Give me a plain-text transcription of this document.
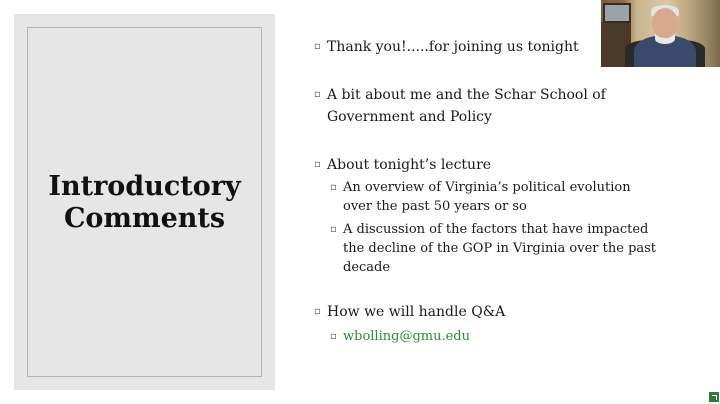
Introductory
Comments
▫ Thank you!.....for joining us tonight
▫ A bit about me and the Schar School of
Government and Policy
▫ About tonight’s lecture
▫ An overview of Virginia’s political evolution
over the past 50 years or so
▫ A discussion of the factors that have impacted
the decline of the GOP in Virginia over the past
decade
▫ How we will handle Q&A
▫ wbolling@gmu.edu
